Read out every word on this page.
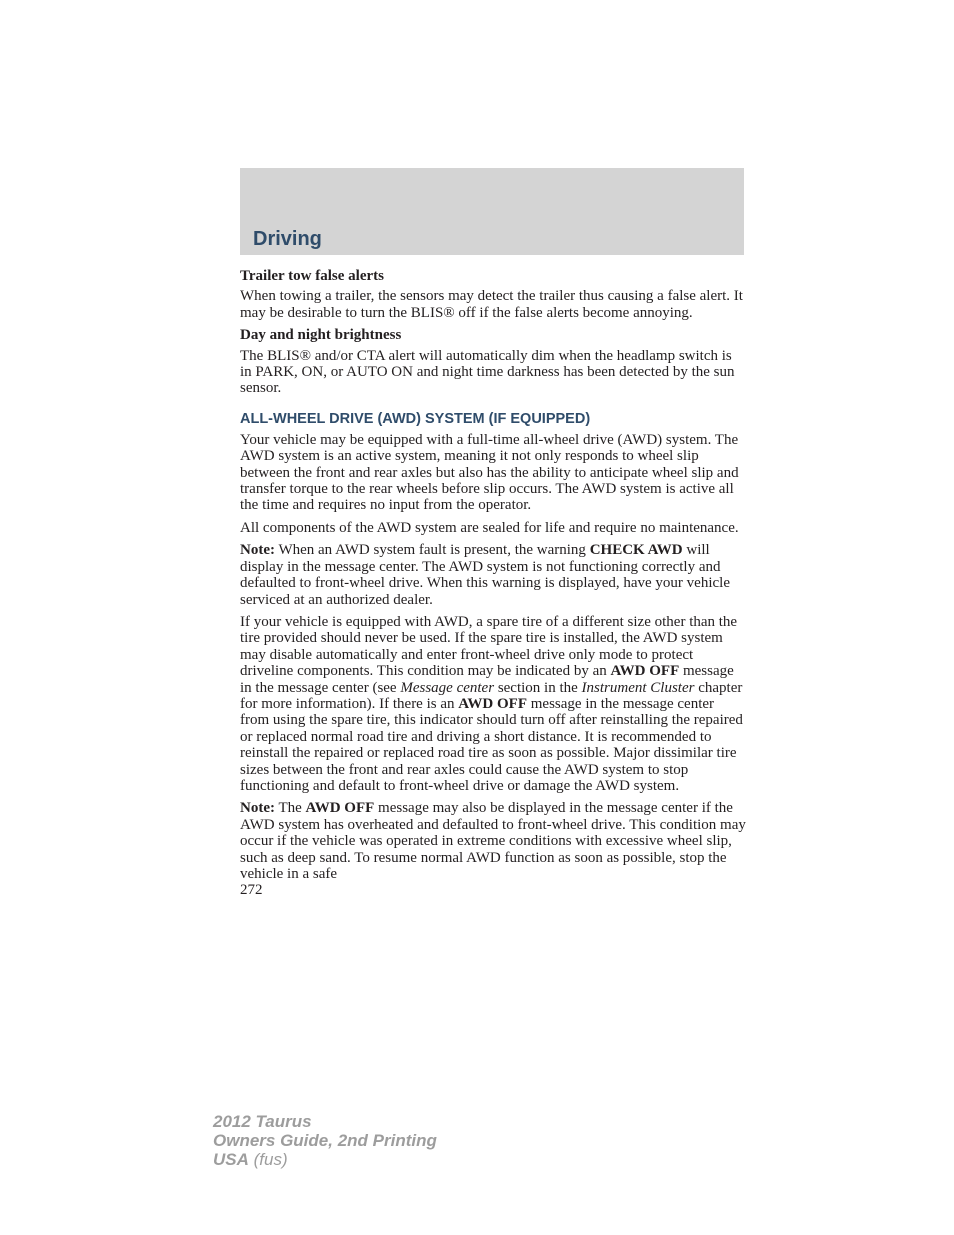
Driving
Trailer tow false alerts

When towing a trailer, the sensors may detect the trailer thus causing a false alert. It may be desirable to turn the BLIS® off if the false alerts become annoying.

Day and night brightness

The BLIS® and/or CTA alert will automatically dim when the headlamp switch is in PARK, ON, or AUTO ON and night time darkness has been detected by the sun sensor.

ALL-WHEEL DRIVE (AWD) SYSTEM (IF EQUIPPED)

Your vehicle may be equipped with a full-time all-wheel drive (AWD) system. The AWD system is an active system, meaning it not only responds to wheel slip between the front and rear axles but also has the ability to anticipate wheel slip and transfer torque to the rear wheels before slip occurs. The AWD system is active all the time and requires no input from the operator.

All components of the AWD system are sealed for life and require no maintenance.

Note: When an AWD system fault is present, the warning CHECK AWD will display in the message center. The AWD system is not functioning correctly and defaulted to front-wheel drive. When this warning is displayed, have your vehicle serviced at an authorized dealer.

If your vehicle is equipped with AWD, a spare tire of a different size other than the tire provided should never be used. If the spare tire is installed, the AWD system may disable automatically and enter front-wheel drive only mode to protect driveline components. This condition may be indicated by an AWD OFF message in the message center (see Message center section in the Instrument Cluster chapter for more information). If there is an AWD OFF message in the message center from using the spare tire, this indicator should turn off after reinstalling the repaired or replaced normal road tire and driving a short distance. It is recommended to reinstall the repaired or replaced road tire as soon as possible. Major dissimilar tire sizes between the front and rear axles could cause the AWD system to stop functioning and default to front-wheel drive or damage the AWD system.

Note: The AWD OFF message may also be displayed in the message center if the AWD system has overheated and defaulted to front-wheel drive. This condition may occur if the vehicle was operated in extreme conditions with excessive wheel slip, such as deep sand. To resume normal AWD function as soon as possible, stop the vehicle in a safe

272
2012 Taurus
Owners Guide, 2nd Printing
USA (fus)
